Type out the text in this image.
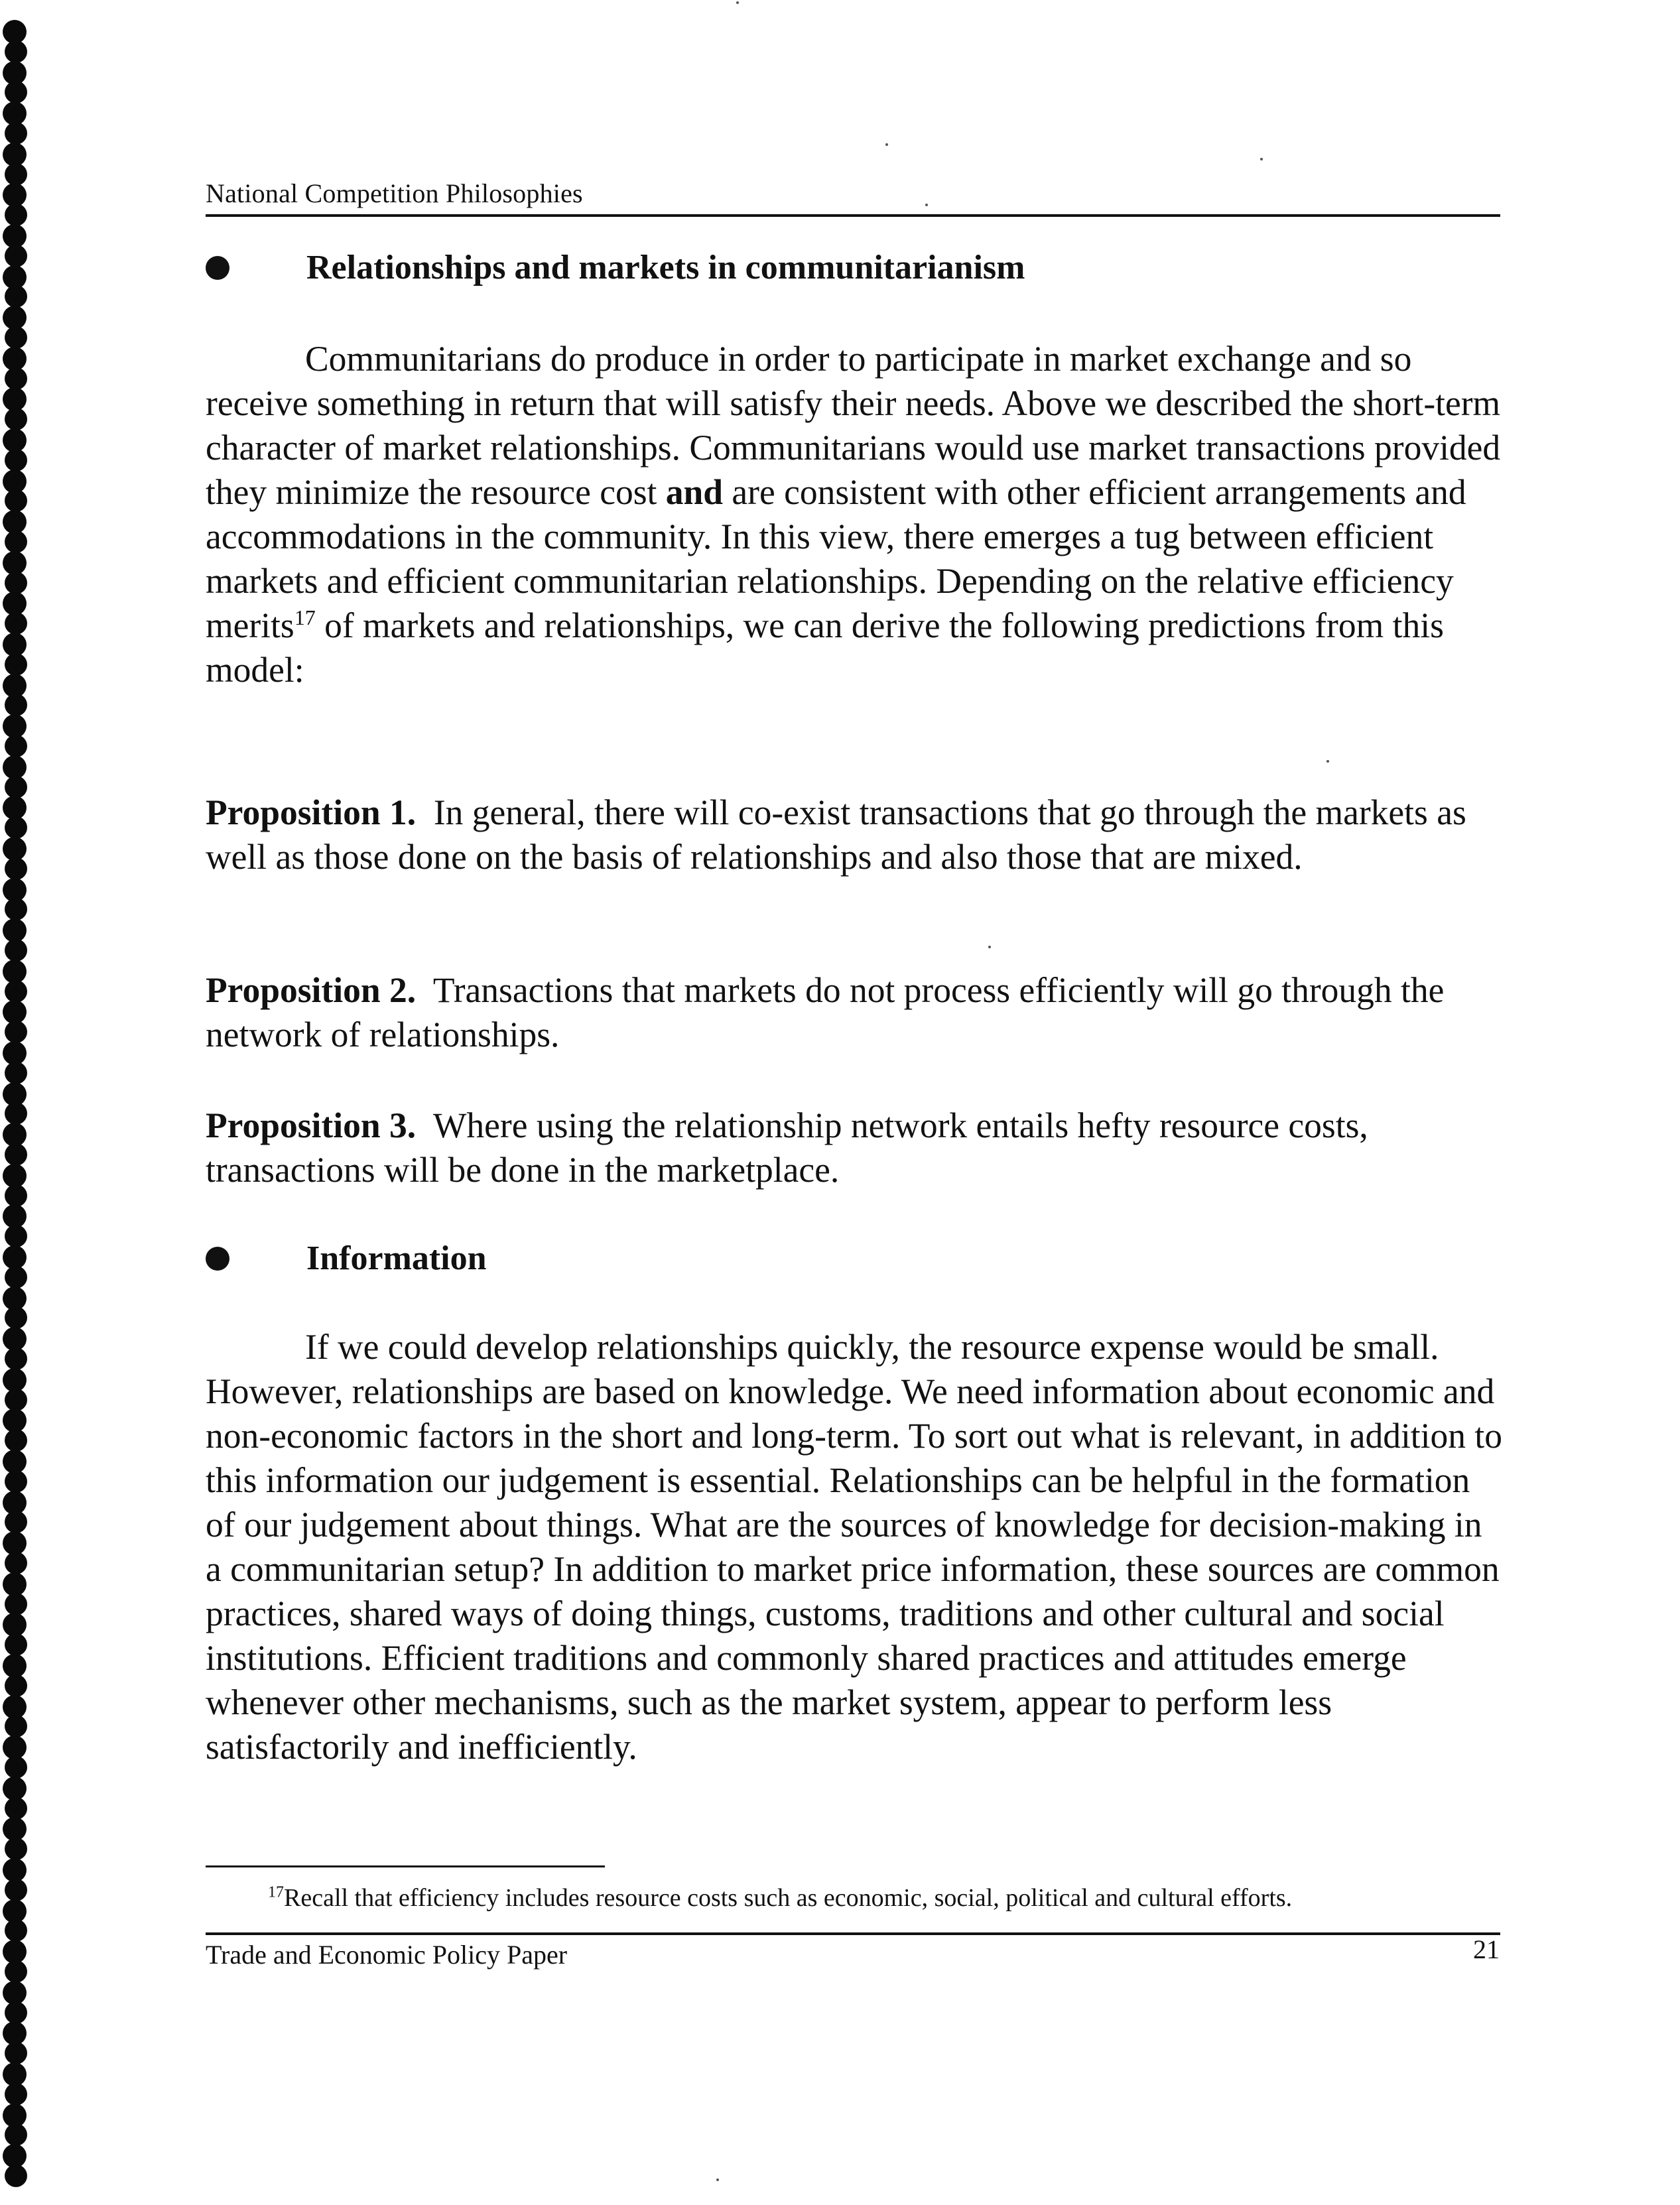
National Competition Philosophies
Relationships and markets in communitarianism
Communitarians do produce in order to participate in market exchange and so receive something in return that will satisfy their needs. Above we described the short-term character of market relationships. Communitarians would use market transactions provided they minimize the resource cost and are consistent with other efficient arrangements and accommodations in the community. In this view, there emerges a tug between efficient markets and efficient communitarian relationships. Depending on the relative efficiency merits$^{17}$ of markets and relationships, we can derive the following predictions from this model:
Proposition 1. In general, there will co-exist transactions that go through the markets as well as those done on the basis of relationships and also those that are mixed.
Proposition 2. Transactions that markets do not process efficiently will go through the network of relationships.
Proposition 3. Where using the relationship network entails hefty resource costs, transactions will be done in the marketplace.
Information
If we could develop relationships quickly, the resource expense would be small. However, relationships are based on knowledge. We need information about economic and non-economic factors in the short and long-term. To sort out what is relevant, in addition to this information our judgement is essential. Relationships can be helpful in the formation of our judgement about things. What are the sources of knowledge for decision-making in a communitarian setup? In addition to market price information, these sources are common practices, shared ways of doing things, customs, traditions and other cultural and social institutions. Efficient traditions and commonly shared practices and attitudes emerge whenever other mechanisms, such as the market system, appear to perform less satisfactorily and inefficiently.
$^{17}$Recall that efficiency includes resource costs such as economic, social, political and cultural efforts.
Trade and Economic Policy Paper	21
